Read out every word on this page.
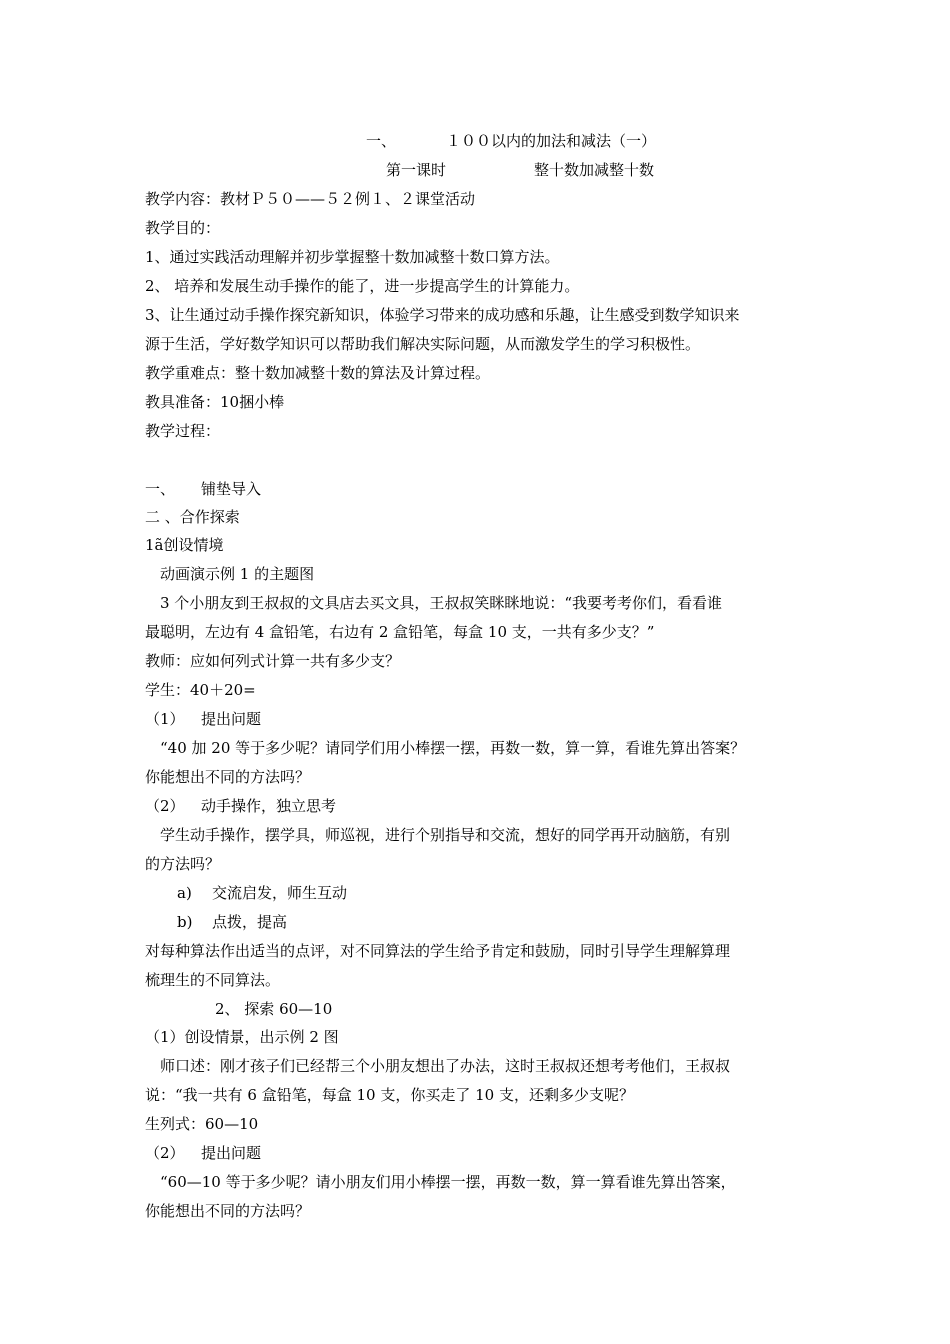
一、	１００以内的加法和减法（一）
第一课时	整十数加减整十数
教学内容：教材Ｐ５０——５２例１、２课堂活动
教学目的：
1、通过实践活动理解并初步掌握整十数加减整十数口算方法。
2、 培养和发展生动手操作的能了，进一步提高学生的计算能力。
3、让生通过动手操作探究新知识，体验学习带来的成功感和乐趣，让生感受到数学知识来
源于生活，学好数学知识可以帮助我们解决实际问题，从而激发学生的学习积极性。
教学重难点：整十数加减整十数的算法及计算过程。
教具准备：10捆小棒
教学过程：
一、 铺垫导入
二 、合作探索
1ã创设情境
动画演示例 1 的主题图
3 个小朋友到王叔叔的文具店去买文具，王叔叔笑眯眯地说：“我要考考你们，看看谁
最聪明，左边有 4 盒铅笔，右边有 2 盒铅笔，每盒 10 支，一共有多少支？”
教师：应如何列式计算一共有多少支？
学生：40＋20=
（1） 提出问题
“40 加 20 等于多少呢？请同学们用小棒摆一摆，再数一数，算一算，看谁先算出答案？
你能想出不同的方法吗？
（2） 动手操作，独立思考
学生动手操作，摆学具，师巡视，进行个别指导和交流，想好的同学再开动脑筋，有别
的方法吗？
a) 交流启发，师生互动
b) 点拨，提高
对每种算法作出适当的点评，对不同算法的学生给予肯定和鼓励，同时引导学生理解算理
梳理生的不同算法。
2、 探索 60—10
（1）创设情景，出示例 2 图
师口述：刚才孩子们已经帮三个小朋友想出了办法，这时王叔叔还想考考他们，王叔叔
说：“我一共有 6 盒铅笔，每盒 10 支，你买走了 10 支，还剩多少支呢？
生列式：60—10
（2） 提出问题
“60—10 等于多少呢？请小朋友们用小棒摆一摆，再数一数，算一算看谁先算出答案，
你能想出不同的方法吗？
